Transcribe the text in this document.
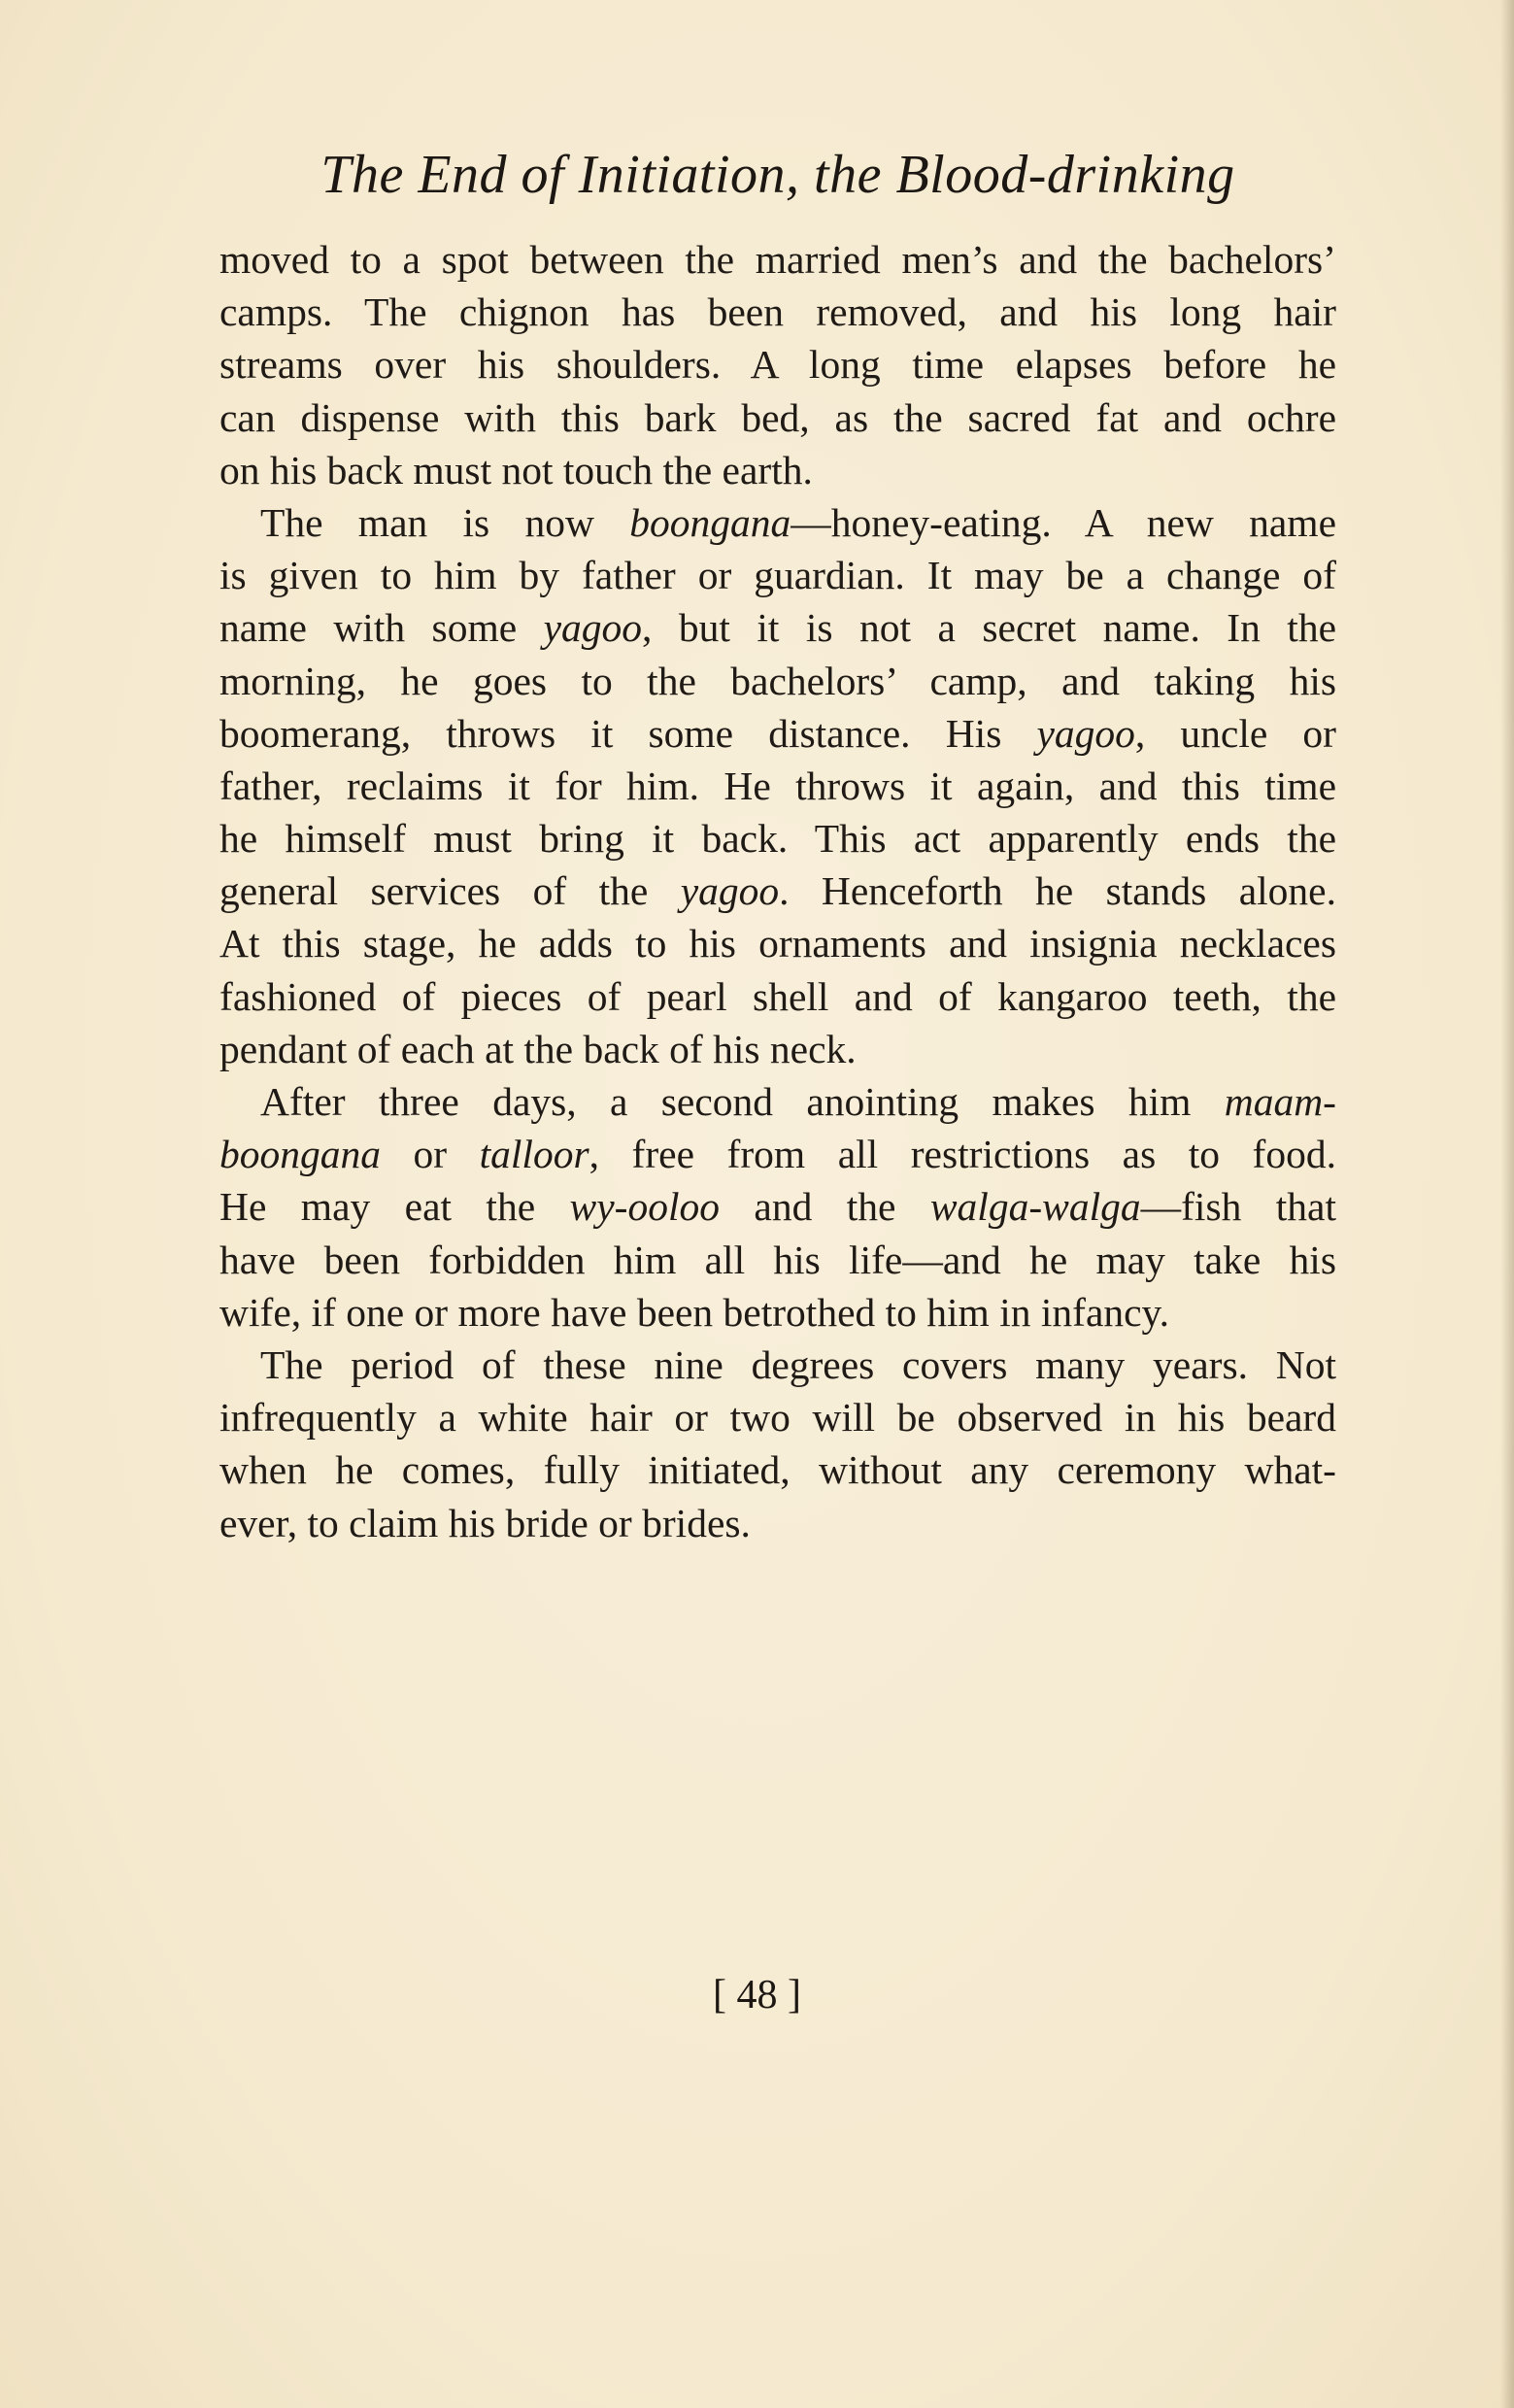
The End of Initiation, the Blood-drinking
moved to a spot between the married men’s and the bachelors’
camps. The chignon has been removed, and his long hair
streams over his shoulders. A long time elapses before he
can dispense with this bark bed, as the sacred fat and ochre
on his back must not touch the earth.
The man is now boongana—honey-eating. A new name
is given to him by father or guardian. It may be a change of
name with some yagoo, but it is not a secret name. In the
morning, he goes to the bachelors’ camp, and taking his
boomerang, throws it some distance. His yagoo, uncle or
father, reclaims it for him. He throws it again, and this time
he himself must bring it back. This act apparently ends the
general services of the yagoo. Henceforth he stands alone.
At this stage, he adds to his ornaments and insignia necklaces
fashioned of pieces of pearl shell and of kangaroo teeth, the
pendant of each at the back of his neck.
After three days, a second anointing makes him maam-
boongana or talloor, free from all restrictions as to food.
He may eat the wy-ooloo and the walga-walga—fish that
have been forbidden him all his life—and he may take his
wife, if one or more have been betrothed to him in infancy.
The period of these nine degrees covers many years. Not
infrequently a white hair or two will be observed in his beard
when he comes, fully initiated, without any ceremony what-
ever, to claim his bride or brides.
[ 48 ]
